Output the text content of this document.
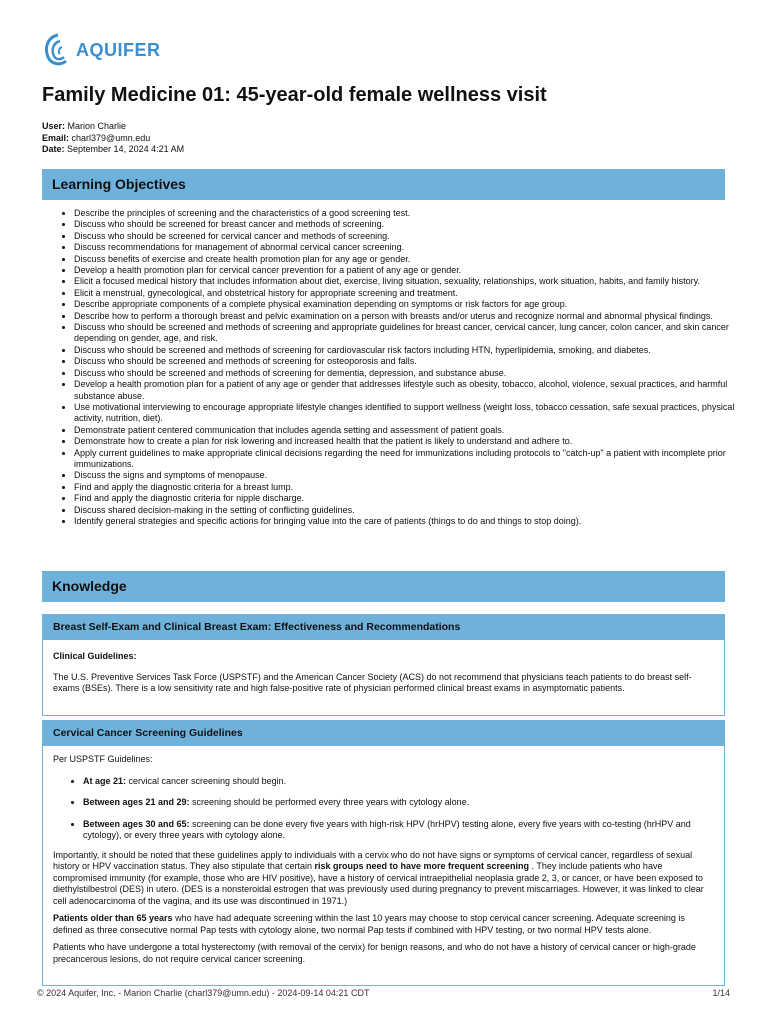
AQUIFER
Family Medicine 01: 45-year-old female wellness visit
User: Marion Charlie
Email: charl379@umn.edu
Date: September 14, 2024 4:21 AM
Learning Objectives
• Describe the principles of screening and the characteristics of a good screening test.
• Discuss who should be screened for breast cancer and methods of screening.
• Discuss who should be screened for cervical cancer and methods of screening.
• Discuss recommendations for management of abnormal cervical cancer screening.
• Discuss benefits of exercise and create health promotion plan for any age or gender.
• Develop a health promotion plan for cervical cancer prevention for a patient of any age or gender.
• Elicit a focused medical history that includes information about diet, exercise, living situation, sexuality, relationships, work situation, habits, and family history.
• Elicit a menstrual, gynecological, and obstetrical history for appropriate screening and treatment.
• Describe appropriate components of a complete physical examination depending on symptoms or risk factors for age group.
• Describe how to perform a thorough breast and pelvic examination on a person with breasts and/or uterus and recognize normal and abnormal physical findings.
• Discuss who should be screened and methods of screening and appropriate guidelines for breast cancer, cervical cancer, lung cancer, colon cancer, and skin cancer depending on gender, age, and risk.
• Discuss who should be screened and methods of screening for cardiovascular risk factors including HTN, hyperlipidemia, smoking, and diabetes.
• Discuss who should be screened and methods of screening for osteoporosis and falls.
• Discuss who should be screened and methods of screening for dementia, depression, and substance abuse.
• Develop a health promotion plan for a patient of any age or gender that addresses lifestyle such as obesity, tobacco, alcohol, violence, sexual practices, and harmful substance abuse.
• Use motivational interviewing to encourage appropriate lifestyle changes identified to support wellness (weight loss, tobacco cessation, safe sexual practices, physical activity, nutrition, diet).
• Demonstrate patient centered communication that includes agenda setting and assessment of patient goals.
• Demonstrate how to create a plan for risk lowering and increased health that the patient is likely to understand and adhere to.
• Apply current guidelines to make appropriate clinical decisions regarding the need for immunizations including protocols to "catch-up" a patient with incomplete prior immunizations.
• Discuss the signs and symptoms of menopause.
• Find and apply the diagnostic criteria for a breast lump.
• Find and apply the diagnostic criteria for nipple discharge.
• Discuss shared decision-making in the setting of conflicting guidelines.
• Identify general strategies and specific actions for bringing value into the care of patients (things to do and things to stop doing).
Knowledge
Breast Self-Exam and Clinical Breast Exam: Effectiveness and Recommendations

Clinical Guidelines:

The U.S. Preventive Services Task Force (USPSTF) and the American Cancer Society (ACS) do not recommend that physicians teach patients to do breast self-exams (BSEs). There is a low sensitivity rate and high false-positive rate of physician performed clinical breast exams in asymptomatic patients.

Cervical Cancer Screening Guidelines

Per USPSTF Guidelines:

• At age 21: cervical cancer screening should begin.
• Between ages 21 and 29: screening should be performed every three years with cytology alone.
• Between ages 30 and 65: screening can be done every five years with high-risk HPV (hrHPV) testing alone, every five years with co-testing (hrHPV and cytology), or every three years with cytology alone.

Importantly, it should be noted that these guidelines apply to individuals with a cervix who do not have signs or symptoms of cervical cancer, regardless of sexual history or HPV vaccination status. They also stipulate that certain risk groups need to have more frequent screening . They include patients who have compromised immunity (for example, those who are HIV positive), have a history of cervical intraepithelial neoplasia grade 2, 3, or cancer, or have been exposed to diethylstilbestrol (DES) in utero. (DES is a nonsteroidal estrogen that was previously used during pregnancy to prevent miscarriages. However, it was linked to clear cell adenocarcinoma of the vagina, and its use was discontinued in 1971.)

Patients older than 65 years who have had adequate screening within the last 10 years may choose to stop cervical cancer screening. Adequate screening is defined as three consecutive normal Pap tests with cytology alone, two normal Pap tests if combined with HPV testing, or two normal HPV tests alone.

Patients who have undergone a total hysterectomy (with removal of the cervix) for benign reasons, and who do not have a history of cervical cancer or high-grade precancerous lesions, do not require cervical cancer screening.

© 2024 Aquifer, Inc. - Marion Charlie (charl379@umn.edu) - 2024-09-14 04:21 CDT	1/14
